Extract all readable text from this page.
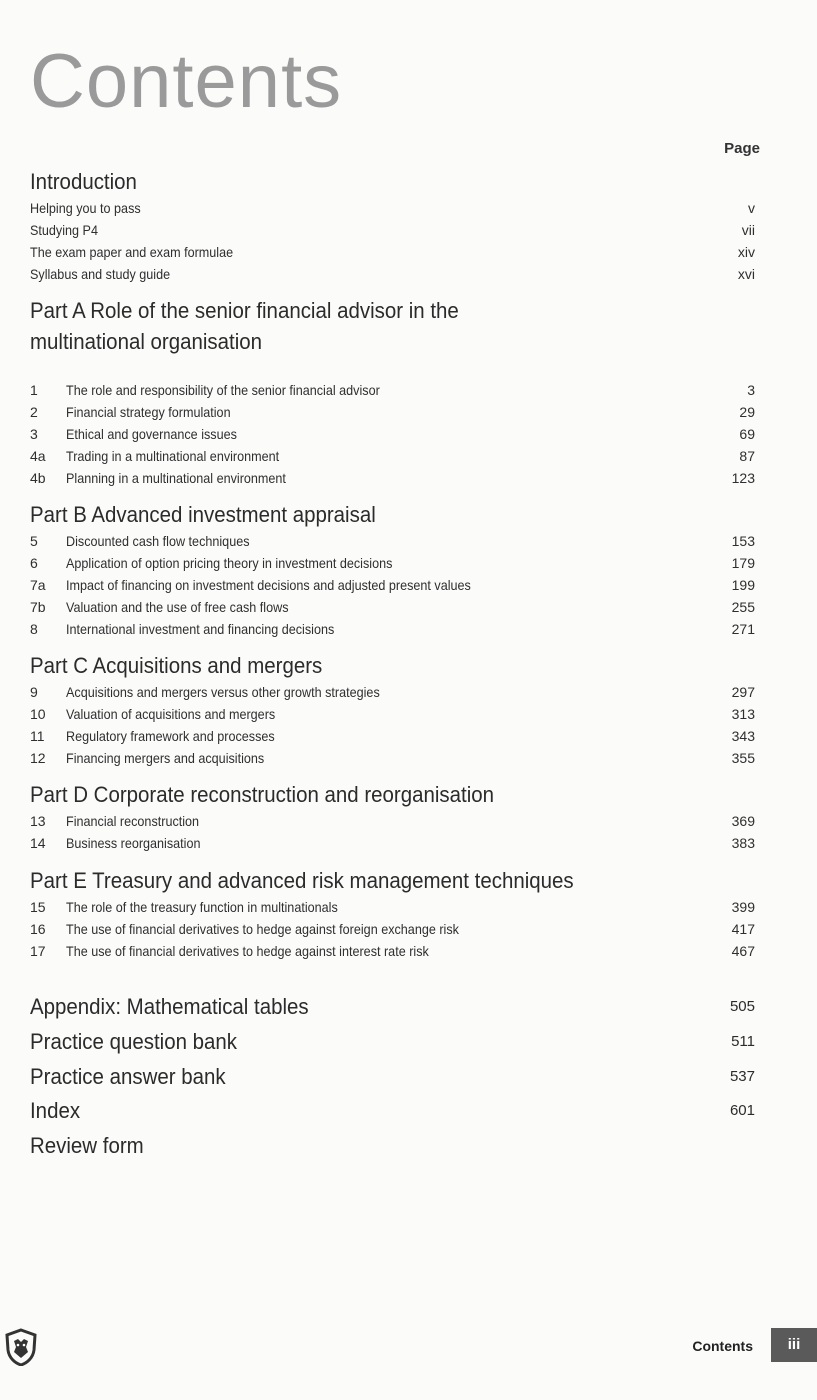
Contents
Page
Introduction
Helping you to pass	v
Studying P4	vii
The exam paper and exam formulae	xiv
Syllabus and study guide	xvi
Part A Role of the senior financial advisor in the
multinational organisation
1 The role and responsibility of the senior financial advisor	3
2 Financial strategy formulation	29
3 Ethical and governance issues	69
4a Trading in a multinational environment	87
4b Planning in a multinational environment	123
Part B Advanced investment appraisal
5 Discounted cash flow techniques	153
6 Application of option pricing theory in investment decisions	179
7a Impact of financing on investment decisions and adjusted present values	199
7b Valuation and the use of free cash flows	255
8 International investment and financing decisions	271
Part C Acquisitions and mergers
9 Acquisitions and mergers versus other growth strategies	297
10 Valuation of acquisitions and mergers	313
11 Regulatory framework and processes	343
12 Financing mergers and acquisitions	355
Part D Corporate reconstruction and reorganisation
13 Financial reconstruction	369
14 Business reorganisation	383
Part E Treasury and advanced risk management techniques
15 The role of the treasury function in multinationals	399
16 The use of financial derivatives to hedge against foreign exchange risk	417
17 The use of financial derivatives to hedge against interest rate risk	467
Appendix: Mathematical tables	505
Practice question bank	511
Practice answer bank	537
Index	601
Review form
Contents	iii
